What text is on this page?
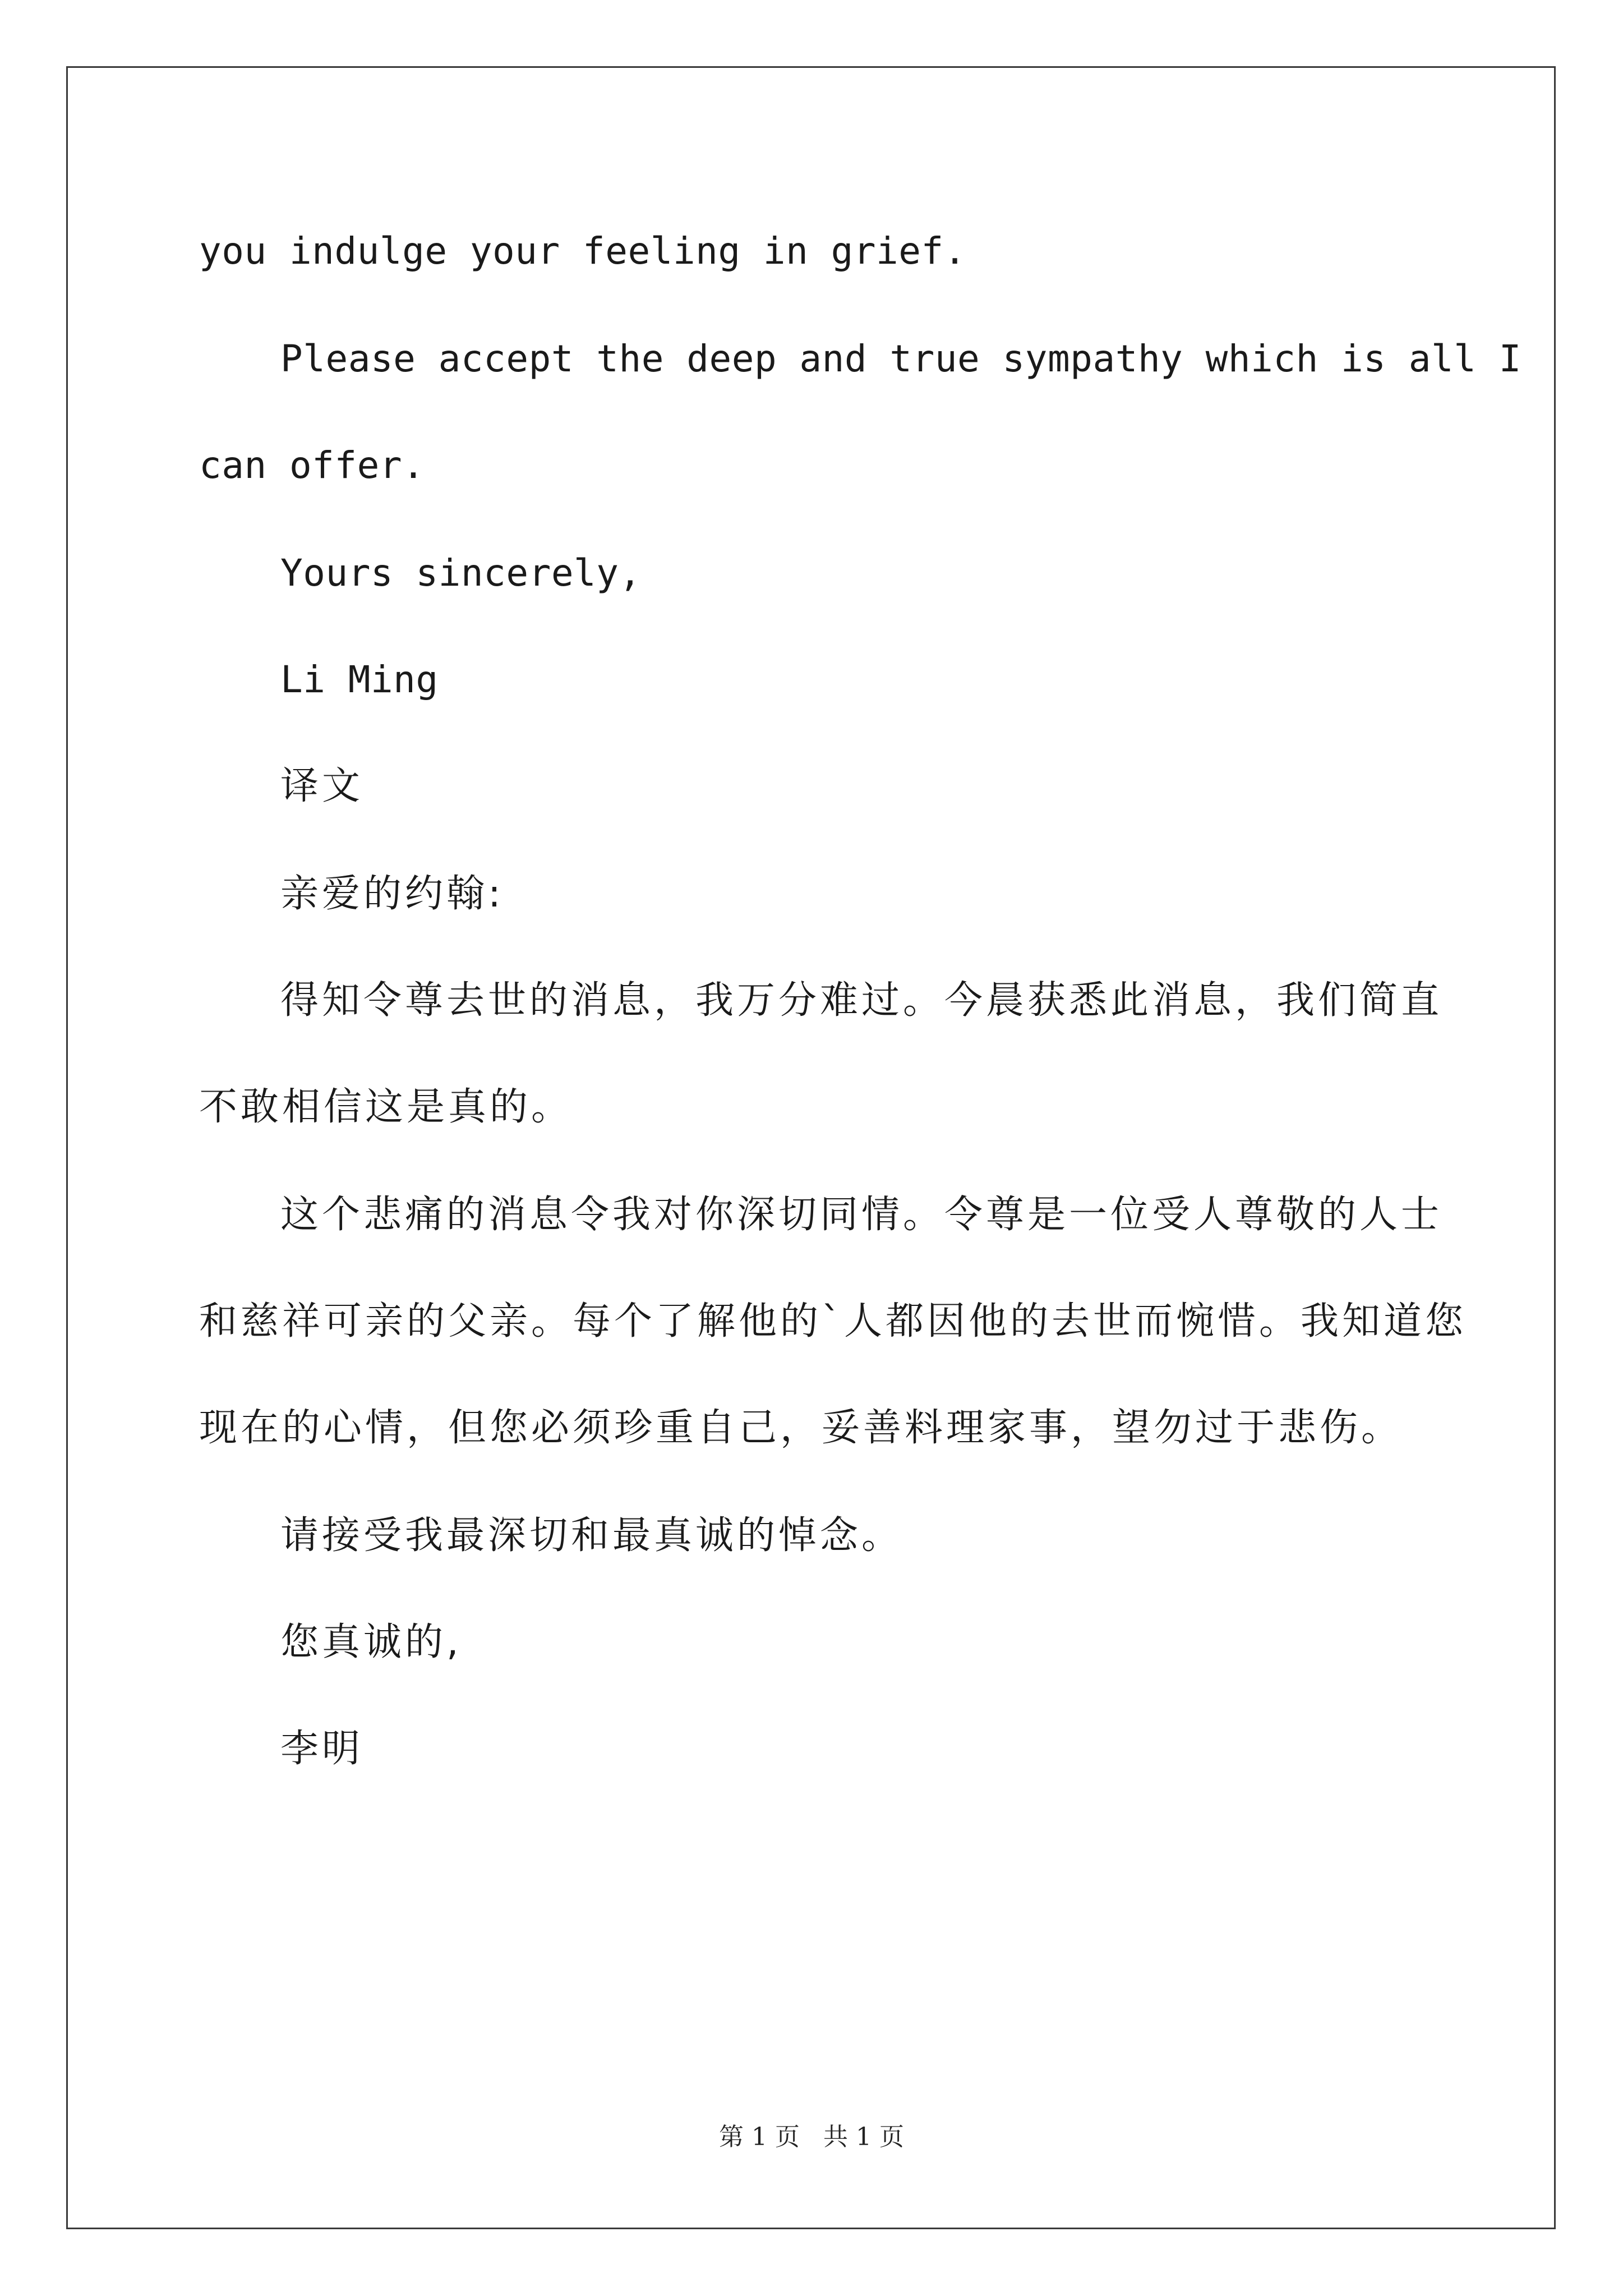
you indulge your feeling in grief.
Please accept the deep and true sympathy which is all I
can offer.
Yours sincerely,
Li Ming
译文
亲爱的约翰:
得知令尊去世的消息，我万分难过。今晨获悉此消息，我们简直
不敢相信这是真的。
这个悲痛的消息令我对你深切同情。令尊是一位受人尊敬的人士
和慈祥可亲的父亲。每个了解他的`人都因他的去世而惋惜。我知道您
现在的心情，但您必须珍重自己，妥善料理家事，望勿过于悲伤。
请接受我最深切和最真诚的悼念。
您真诚的,
李明
第 1 页   共 1 页
